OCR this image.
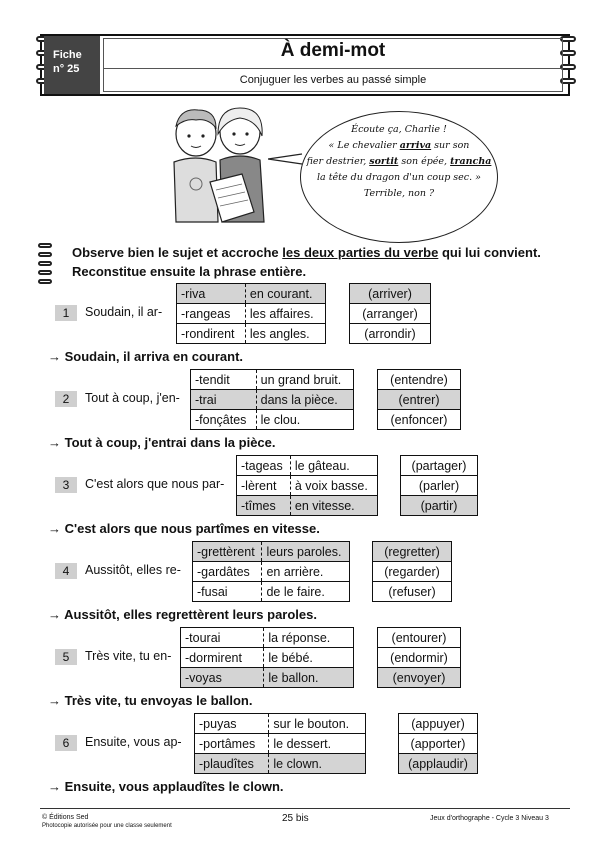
Fiche
n° 25
À demi-mot
Conjuguer les verbes au passé simple
Écoute ça, Charlie !
« Le chevalier arriva sur son
fier destrier, sortit son épée, trancha
la tête du dragon d'un coup sec. »
Terrible, non ?
Observe bien le sujet et accroche les deux parties du verbe qui lui convient.
Reconstitue ensuite la phrase entière.
1	Soudain, il ar-
-riva	en courant.
-rangeas	les affaires.
-rondirent	les angles.
(arriver)
(arranger)
(arrondir)
→ Soudain, il arriva en courant.
2	Tout à coup, j'en-
-tendit	un grand bruit.
-trai	dans la pièce.
-fonçâtes	le clou.
(entendre)
(entrer)
(enfoncer)
→ Tout à coup, j'entrai dans la pièce.
3	C'est alors que nous par-
-tageas	le gâteau.
-lèrent	à voix basse.
-tîmes	en vitesse.
(partager)
(parler)
(partir)
→ C'est alors que nous partîmes en vitesse.
4	Aussitôt, elles re-
-grettèrent	leurs paroles.
-gardâtes	en arrière.
-fusai	de le faire.
(regretter)
(regarder)
(refuser)
→ Aussitôt, elles regrettèrent leurs paroles.
5	Très vite, tu en-
-tourai	la réponse.
-dormirent	le bébé.
-voyas	le ballon.
(entourer)
(endormir)
(envoyer)
→ Très vite, tu envoyas le ballon.
6	Ensuite, vous ap-
-puyas	sur le bouton.
-portâmes	le dessert.
-plaudîtes	le clown.
(appuyer)
(apporter)
(applaudir)
→ Ensuite, vous applaudîtes le clown.
© Éditions Sed
Photocopie autorisée pour une classe seulement
25 bis	Jeux d'orthographe - Cycle 3 Niveau 3
